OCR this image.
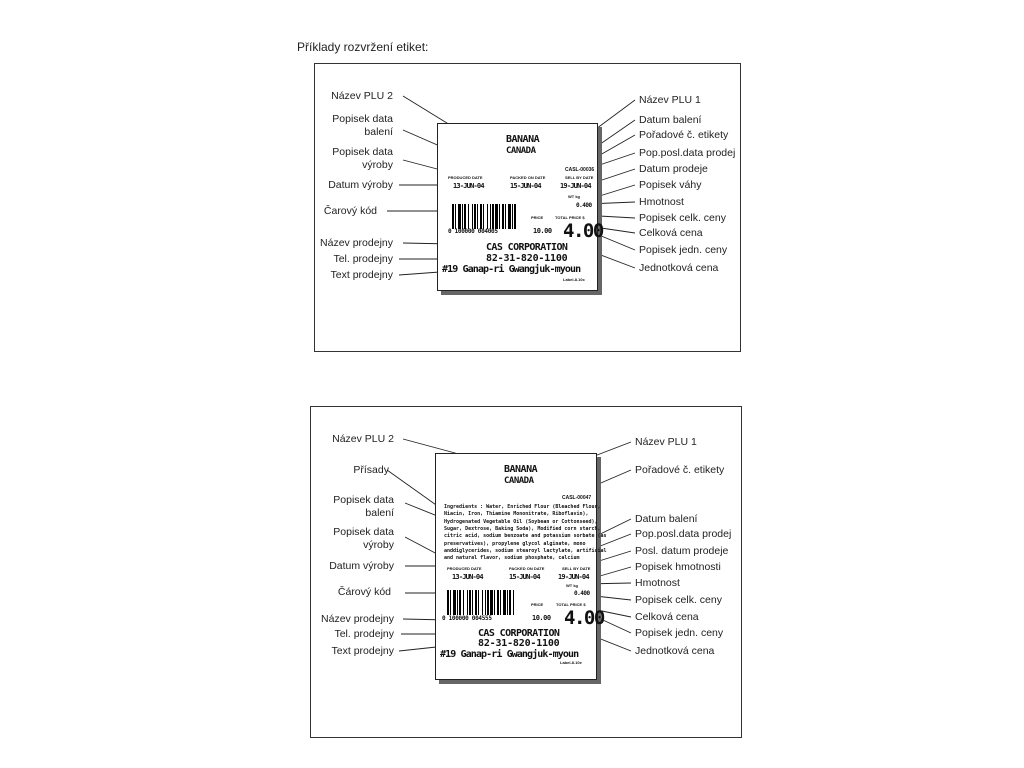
Příklady rozvržení etiket:
Název PLU 2
Popisek data balení
Popisek data výroby
Datum výroby
Čarový kód
Název prodejny
Tel. prodejny
Text prodejny
Název PLU 1
Datum balení
Pořadové č. etikety
Pop.posl.data prodej
Datum prodeje
Popisek váhy
Hmotnost
Popisek celk. ceny
Celková cena
Popisek jedn. ceny
Jednotková cena
BANANA
CANADA
CASL-00036
PRODUCED DATE	PACKED ON DATE	SELL BY DATE
13-JUN-04	15-JUN-04	19-JUN-04
WT kg
0.400
PRICE	TOTAL PRICE $
10.00 4.00
0 100000 004005
CAS CORPORATION
82-31-820-1100
#19 Ganap-ri Gwangjuk-myoun
Label-8.10c
Název PLU 2
Přísady
Popisek data balení
Popisek data výroby
Datum výroby
Čárový kód
Název prodejny
Tel. prodejny
Text prodejny
Název PLU 1
Pořadové č. etikety
Datum balení
Pop.posl.data prodej
Posl. datum prodeje
Popisek hmotnosti
Hmotnost
Popisek celk. ceny
Celková cena
Popisek jedn. ceny
Jednotková cena
BANANA
CANADA
CASL-00047
Ingredients : Water, Enriched Flour (Bleached Flour,
Niacin, Iron, Thiamine Mononitrate, Riboflavin),
Hydrogenated Vegetable Oil (Soybean or Cottonseed),
Sugar, Dextrose, Baking Soda), Modified corn starch,
citric acid, sodium benzoate and potassium sorbate (as
preservatives), propylene glycol alginate, mono
anddiglycerides, sodium stearoyl lactylate, artificial
and natural flavor, sodium phosphate, calcium
PRODUCED DATE	PACKED ON DATE	SELL BY DATE
13-JUN-04	15-JUN-04	19-JUN-04
WT kg
0.400
PRICE	TOTAL PRICE $
10.00 4.00
0 100000 004555
CAS CORPORATION
82-31-820-1100
#19 Ganap-ri Gwangjuk-myoun
Label-8.10e
